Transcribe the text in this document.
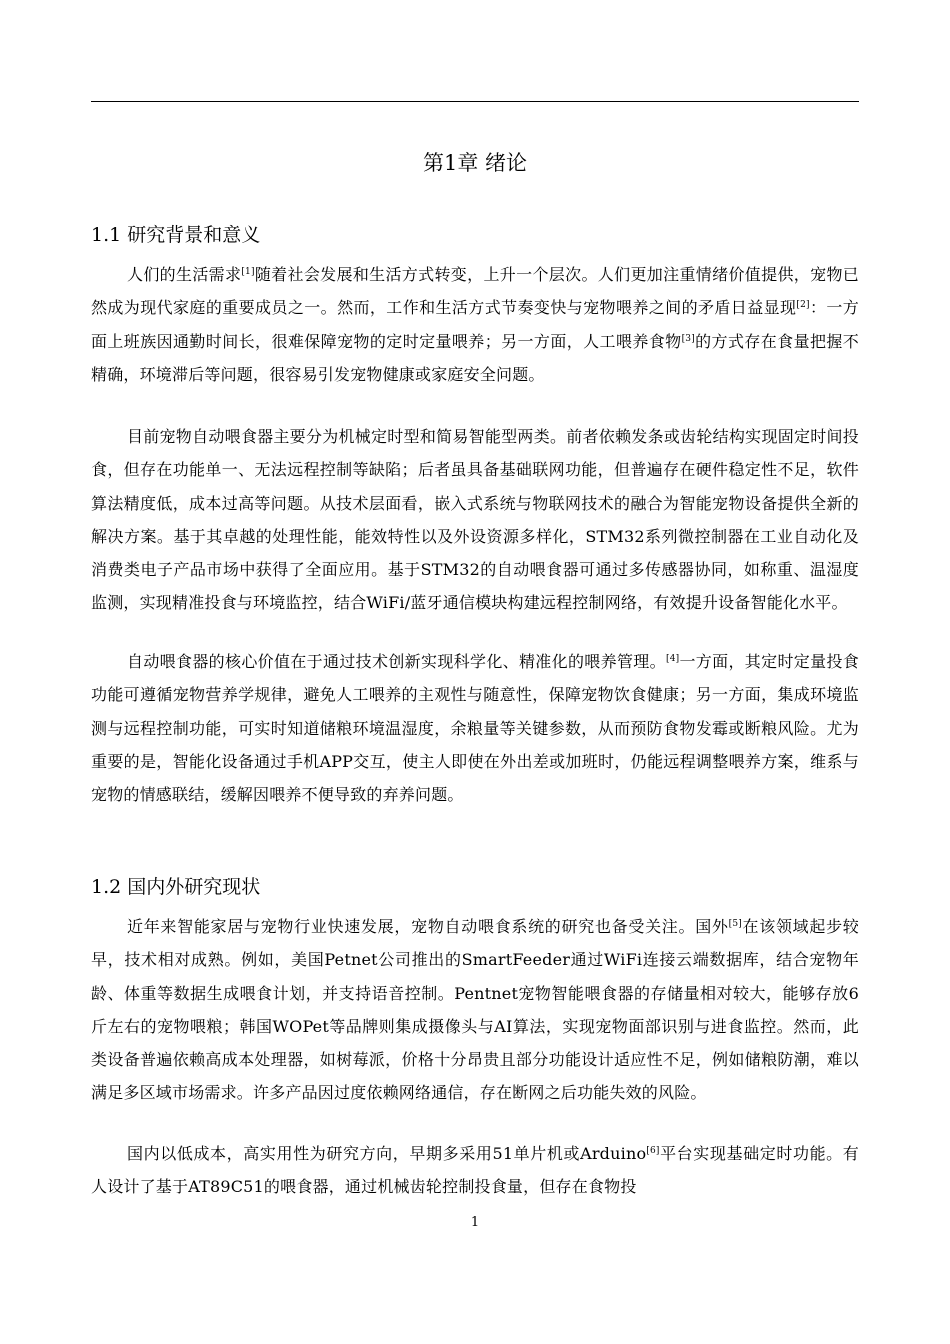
第1章 绪论
1.1 研究背景和意义

人们的生活需求[1]随着社会发展和生活方式转变，上升一个层次。人们更加注重情绪价值提供，宠物已然成为现代家庭的重要成员之一。然而，工作和生活方式节奏变快与宠物喂养之间的矛盾日益显现[2]：一方面上班族因通勤时间长，很难保障宠物的定时定量喂养；另一方面，人工喂养食物[3]的方式存在食量把握不精确，环境滞后等问题，很容易引发宠物健康或家庭安全问题。

目前宠物自动喂食器主要分为机械定时型和简易智能型两类。前者依赖发条或齿轮结构实现固定时间投食，但存在功能单一、无法远程控制等缺陷；后者虽具备基础联网功能，但普遍存在硬件稳定性不足，软件算法精度低，成本过高等问题。从技术层面看，嵌入式系统与物联网技术的融合为智能宠物设备提供全新的解决方案。基于其卓越的处理性能，能效特性以及外设资源多样化，STM32系列微控制器在工业自动化及消费类电子产品市场中获得了全面应用。基于STM32的自动喂食器可通过多传感器协同，如称重、温湿度监测，实现精准投食与环境监控，结合WiFi/蓝牙通信模块构建远程控制网络，有效提升设备智能化水平。

自动喂食器的核心价值在于通过技术创新实现科学化、精准化的喂养管理。[4]一方面，其定时定量投食功能可遵循宠物营养学规律，避免人工喂养的主观性与随意性，保障宠物饮食健康；另一方面，集成环境监测与远程控制功能，可实时知道储粮环境温湿度，余粮量等关键参数，从而预防食物发霉或断粮风险。尤为重要的是，智能化设备通过手机APP交互，使主人即使在外出差或加班时，仍能远程调整喂养方案，维系与宠物的情感联结，缓解因喂养不便导致的弃养问题。

1.2 国内外研究现状

近年来智能家居与宠物行业快速发展，宠物自动喂食系统的研究也备受关注。国外[5]在该领域起步较早，技术相对成熟。例如，美国Petnet公司推出的SmartFeeder通过WiFi连接云端数据库，结合宠物年龄、体重等数据生成喂食计划，并支持语音控制。Pentnet宠物智能喂食器的存储量相对较大，能够存放6斤左右的宠物喂粮；韩国WOPet等品牌则集成摄像头与AI算法，实现宠物面部识别与进食监控。然而，此类设备普遍依赖高成本处理器，如树莓派，价格十分昂贵且部分功能设计适应性不足，例如储粮防潮，难以满足多区域市场需求。许多产品因过度依赖网络通信，存在断网之后功能失效的风险。

国内以低成本，高实用性为研究方向，早期多采用51单片机或Arduino[6]平台实现基础定时功能。有人设计了基于AT89C51的喂食器，通过机械齿轮控制投食量，但存在食物投

1
